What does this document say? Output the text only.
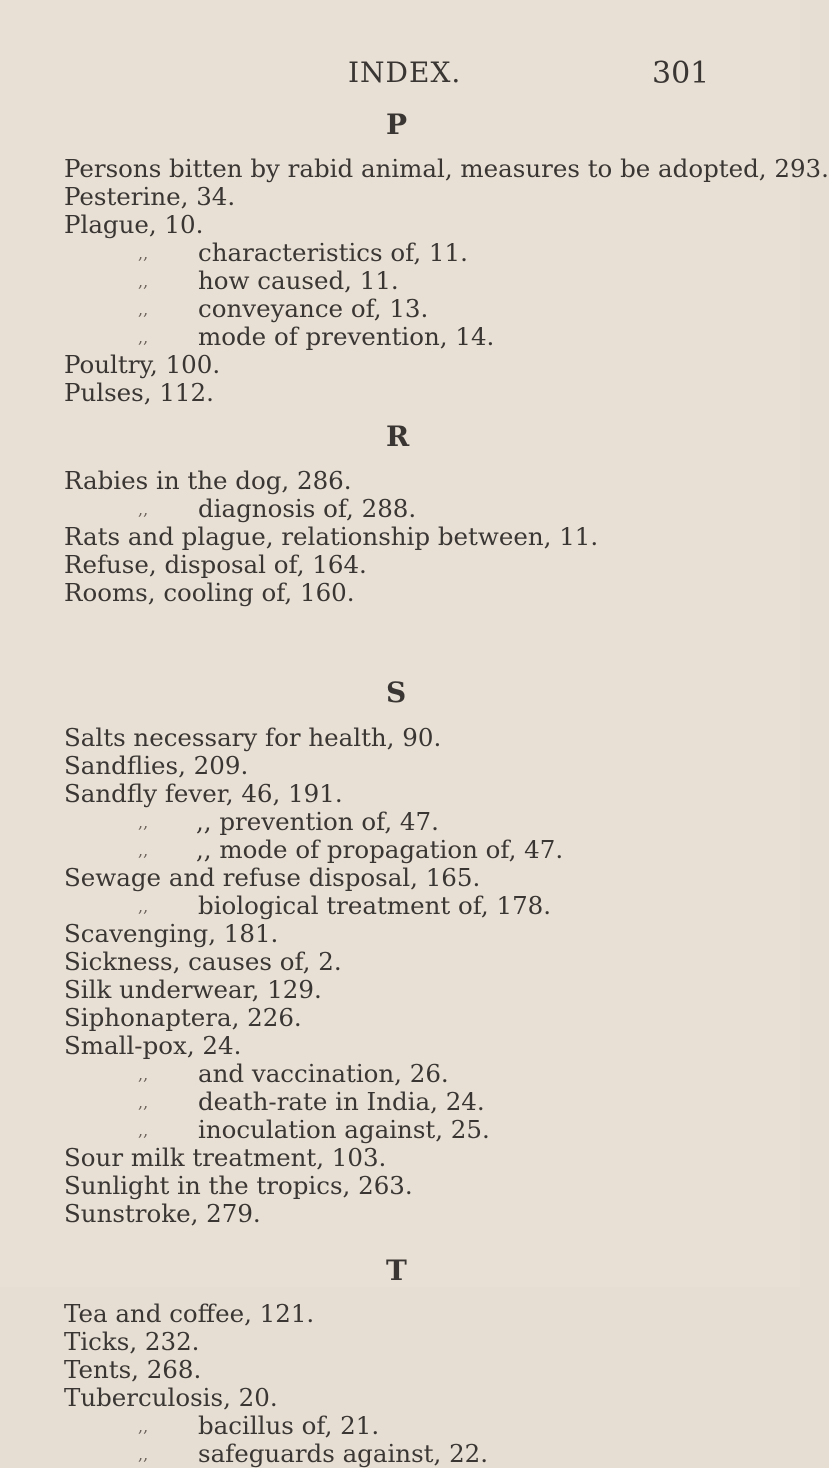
INDEX.	301
P
Persons bitten by rabid animal, measures to be adopted, 293.
Pesterine, 34.
Plague, 10.
,, characteristics of, 11.
,, how caused, 11.
,, conveyance of, 13.
,, mode of prevention, 14.
Poultry, 100.
Pulses, 112.
R
Rabies in the dog, 286.
,, diagnosis of, 288.
Rats and plague, relationship between, 11.
Refuse, disposal of, 164.
Rooms, cooling of, 160.
S
Salts necessary for health, 90.
Sandflies, 209.
Sandfly fever, 46, 191.
,, ,, prevention of, 47.
,, ,, mode of propagation of, 47.
Sewage and refuse disposal, 165.
,, biological treatment of, 178.
Scavenging, 181.
Sickness, causes of, 2.
Silk underwear, 129.
Siphonaptera, 226.
Small-pox, 24.
,, and vaccination, 26.
,, death-rate in India, 24.
,, inoculation against, 25.
Sour milk treatment, 103.
Sunlight in the tropics, 263.
Sunstroke, 279.
T
Tea and coffee, 121.
Ticks, 232.
Tents, 268.
Tuberculosis, 20.
,, bacillus of, 21.
,, safeguards against, 22.
